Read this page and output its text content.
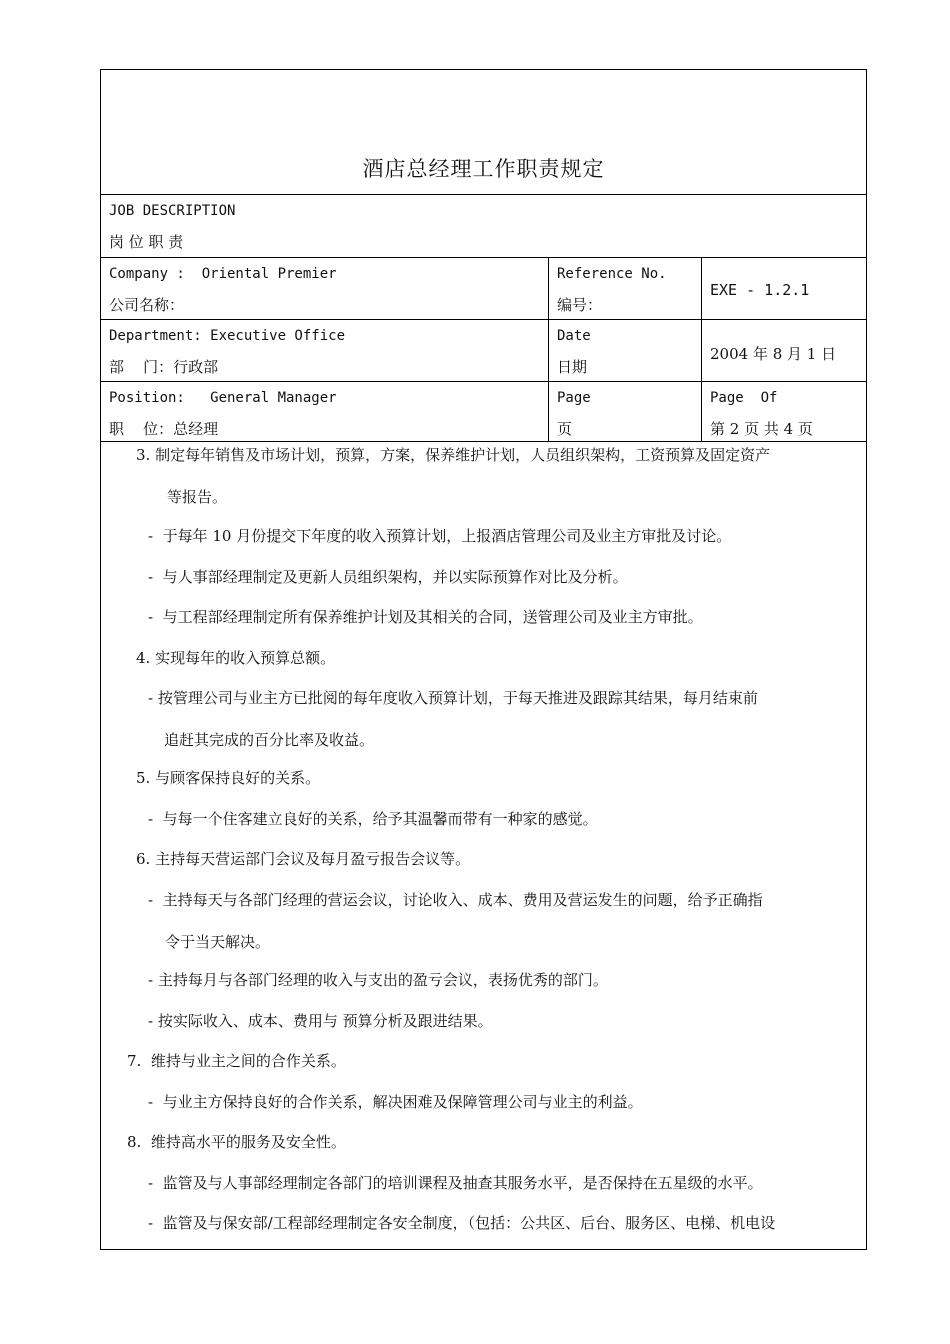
酒店总经理工作职责规定
JOB DESCRIPTION
岗 位 职 责
Company :  Oriental Premier
公司名称：
Reference No.
编号：
EXE - 1.2.1
Department: Executive Office
部    门：行政部
Date
日期
2004 年 8 月 1 日
Position:   General Manager
职    位：总经理
Page
页
Page  Of
第 2 页 共 4 页
3. 制定每年销售及市场计划，预算，方案，保养维护计划，人员组织架构，工资预算及固定资产
等报告。
-  于每年 10 月份提交下年度的收入预算计划，上报酒店管理公司及业主方审批及讨论。
-  与人事部经理制定及更新人员组织架构，并以实际预算作对比及分析。
-  与工程部经理制定所有保养维护计划及其相关的合同，送管理公司及业主方审批。
4. 实现每年的收入预算总额。
- 按管理公司与业主方已批阅的每年度收入预算计划，于每天推进及跟踪其结果，每月结束前
追赶其完成的百分比率及收益。
5. 与顾客保持良好的关系。
-  与每一个住客建立良好的关系，给予其温馨而带有一种家的感觉。
6. 主持每天营运部门会议及每月盈亏报告会议等。
-  主持每天与各部门经理的营运会议，讨论收入、成本、费用及营运发生的问题，给予正确指
令于当天解决。
- 主持每月与各部门经理的收入与支出的盈亏会议，表扬优秀的部门。
- 按实际收入、成本、费用与 预算分析及跟进结果。
7.  维持与业主之间的合作关系。
-  与业主方保持良好的合作关系，解决困难及保障管理公司与业主的利益。
8.  维持高水平的服务及安全性。
-  监管及与人事部经理制定各部门的培训课程及抽查其服务水平，是否保持在五星级的水平。
-  监管及与保安部/工程部经理制定各安全制度，（包括：公共区、后台、服务区、电梯、机电设
